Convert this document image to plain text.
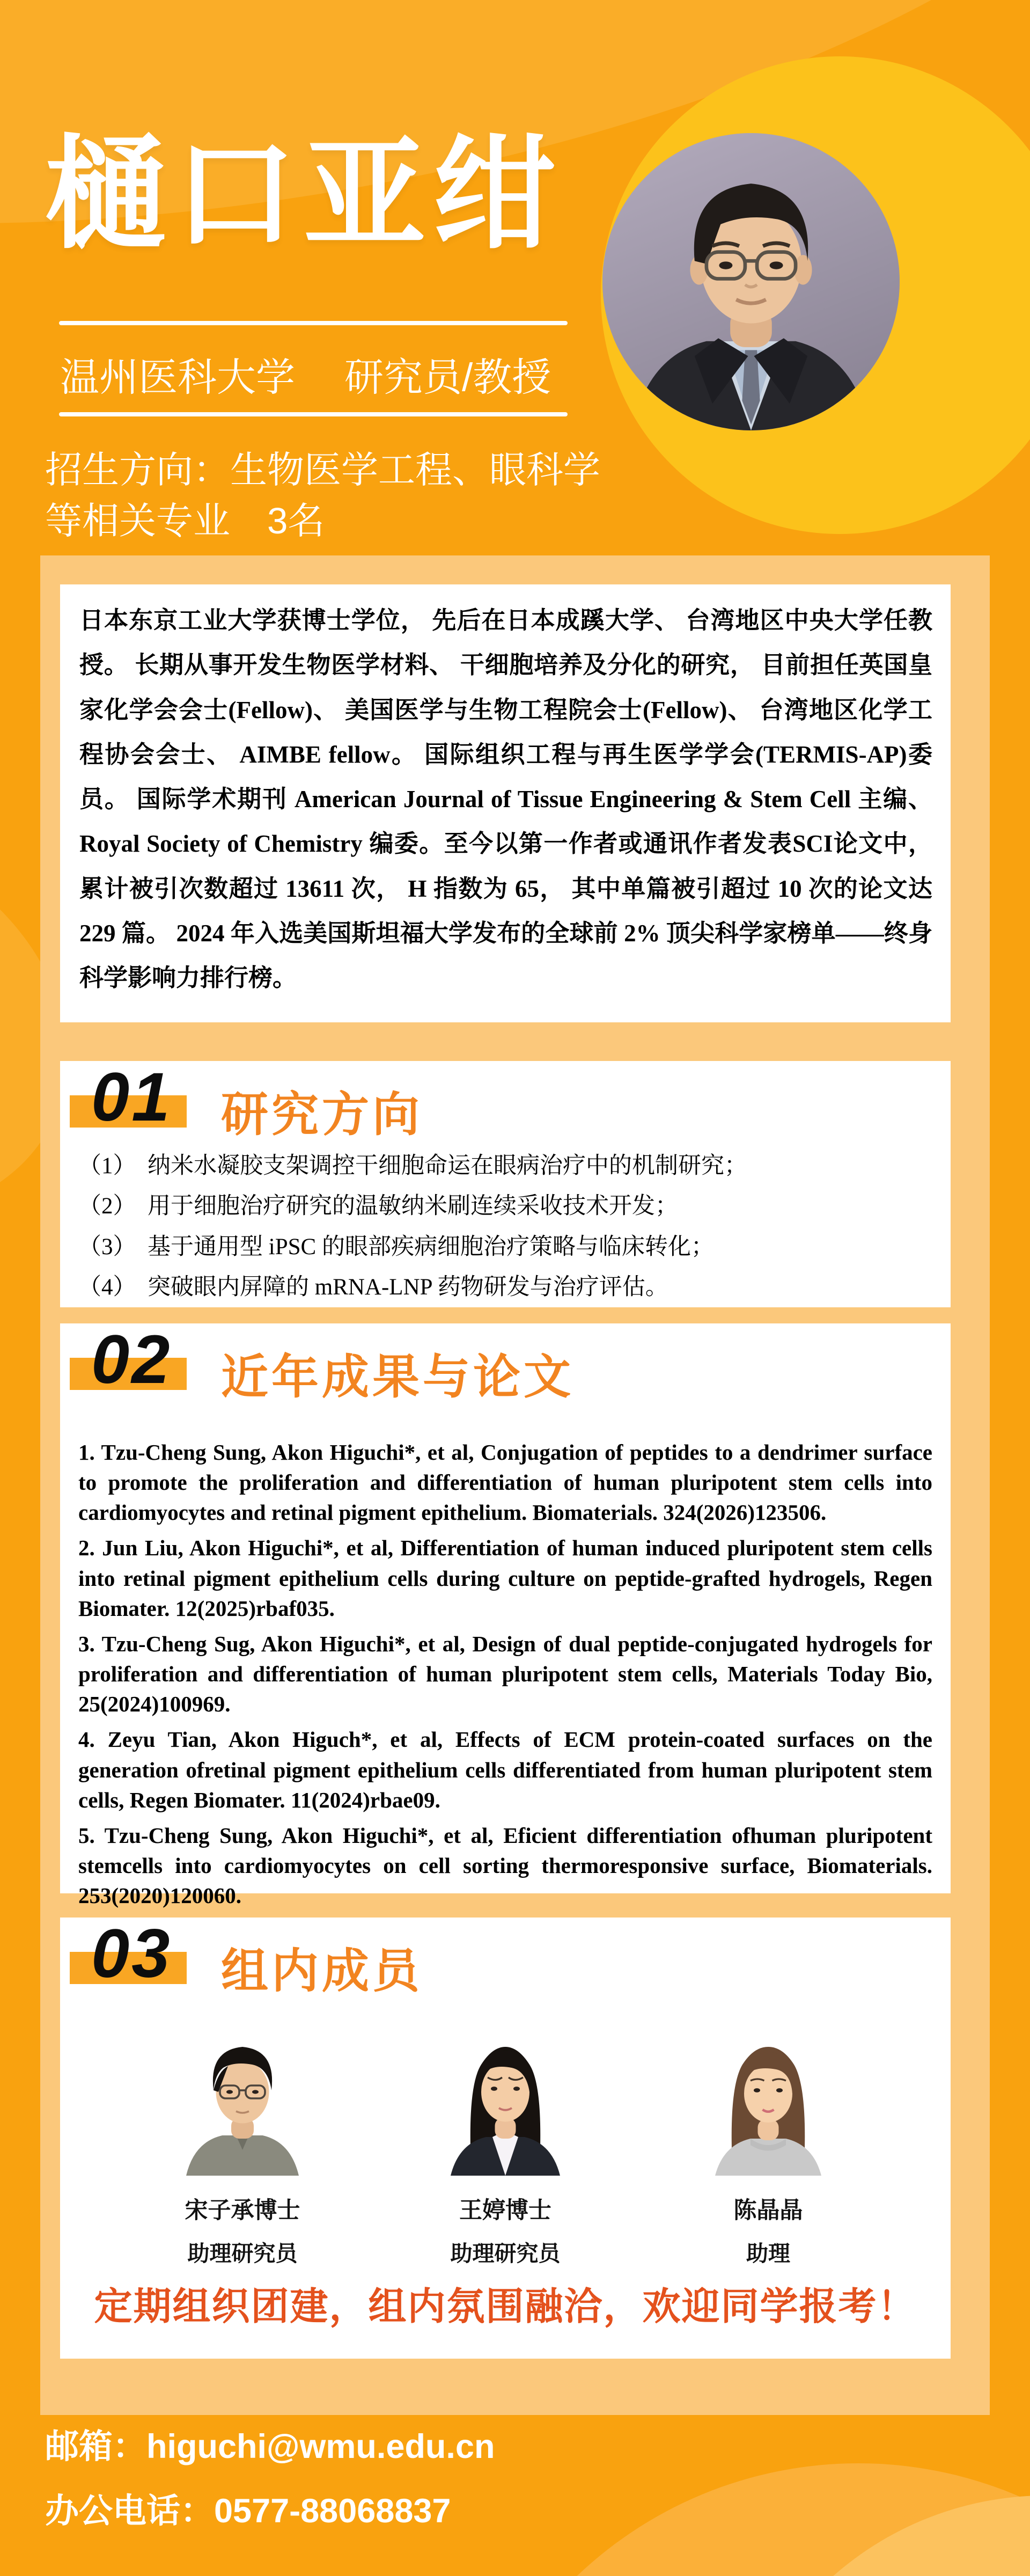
樋口亚绀
温州医科大学 研究员/教授
招生方向：生物医学工程、眼科学
等相关专业　3名
日本东京工业大学获博士学位， 先后在日本成蹊大学、 台湾地区中央大学任教授。 长期从事开发生物医学材料、 干细胞培养及分化的研究， 目前担任英国皇家化学会会士(Fellow)、 美国医学与生物工程院会士(Fellow)、 台湾地区化学工程协会会士、 AIMBE fellow。 国际组织工程与再生医学学会(TERMIS-AP)委员。 国际学术期刊 American Journal of Tissue Engineering & Stem Cell 主编、 Royal Society of Chemistry 编委。至今以第一作者或通讯作者发表SCI论文中， 累计被引次数超过 13611 次， H 指数为 65， 其中单篇被引超过 10 次的论文达 229 篇。 2024 年入选美国斯坦福大学发布的全球前 2% 顶尖科学家榜单——终身科学影响力排行榜。
01 研究方向

（1）　纳米水凝胶支架调控干细胞命运在眼病治疗中的机制研究；

（2）　用于细胞治疗研究的温敏纳米刷连续采收技术开发；

（3）　基于通用型 iPSC 的眼部疾病细胞治疗策略与临床转化；

（4）　突破眼内屏障的 mRNA-LNP 药物研发与治疗评估。

02 近年成果与论文

1. Tzu-Cheng Sung, Akon Higuchi*, et al, Conjugation of peptides to a dendrimer surface to promote the proliferation and differentiation of human pluripotent stem cells into cardiomyocytes and retinal pigment epithelium. Biomaterials. 324(2026)123506.

2. Jun Liu, Akon Higuchi*, et al, Differentiation of human induced pluripotent stem cells into retinal pigment epithelium cells during culture on peptide-grafted hydrogels, Regen Biomater. 12(2025)rbaf035.

3. Tzu-Cheng Sug, Akon Higuchi*, et al, Design of dual peptide-conjugated hydrogels for proliferation and differentiation of human pluripotent stem cells, Materials Today Bio, 25(2024)100969.

4. Zeyu Tian, Akon Higuch*, et al, Effects of ECM protein-coated surfaces on the generation ofretinal pigment epithelium cells differentiated from human pluripotent stem cells, Regen Biomater. 11(2024)rbae09.

5. Tzu-Cheng Sung, Akon Higuchi*, et al, Eficient differentiation ofhuman pluripotent stemcells into cardiomyocytes on cell sorting thermoresponsive surface, Biomaterials. 253(2020)120060.

03 组内成员
宋子承博士
助理研究员
王婷博士
助理研究员
陈晶晶
助理
定期组织团建，组内氛围融洽，欢迎同学报考！
邮箱：higuchi@wmu.edu.cn
办公电话：0577-88068837
